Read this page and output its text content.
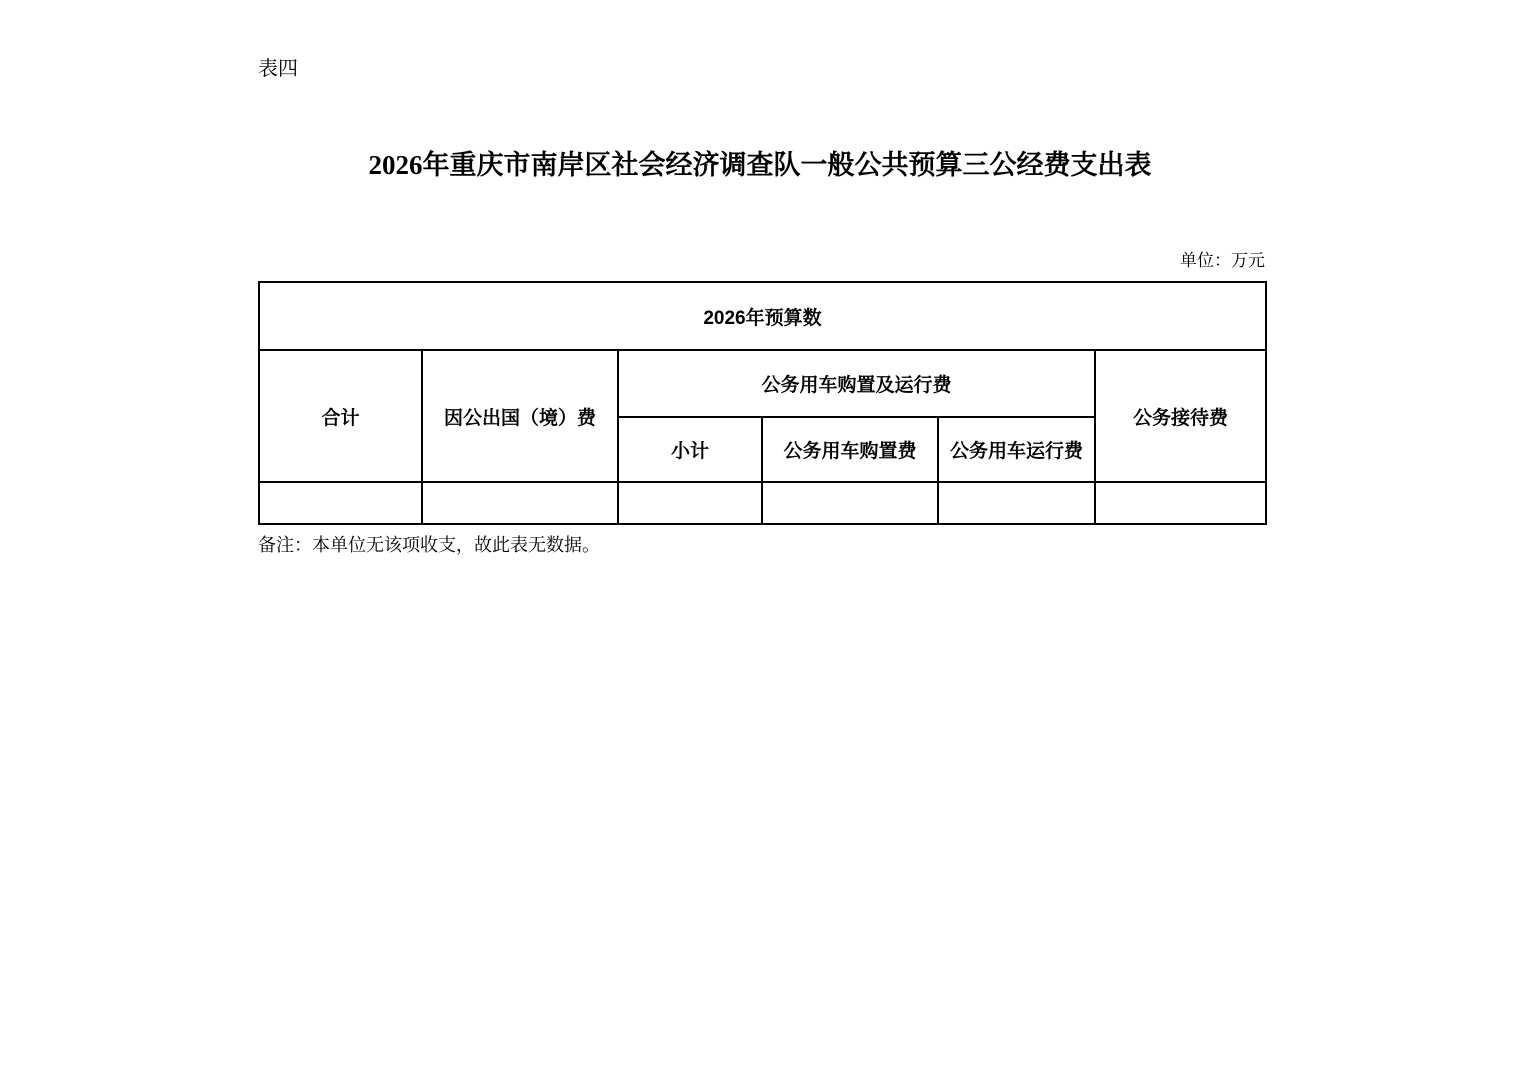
表四
2026年重庆市南岸区社会经济调查队一般公共预算三公经费支出表
单位：万元
2026年预算数					
合计	因公出国（境）费	公务用车购置及运行费			公务接待费
		小计	公务用车购置费	公务用车运行费	

备注：本单位无该项收支，故此表无数据。
